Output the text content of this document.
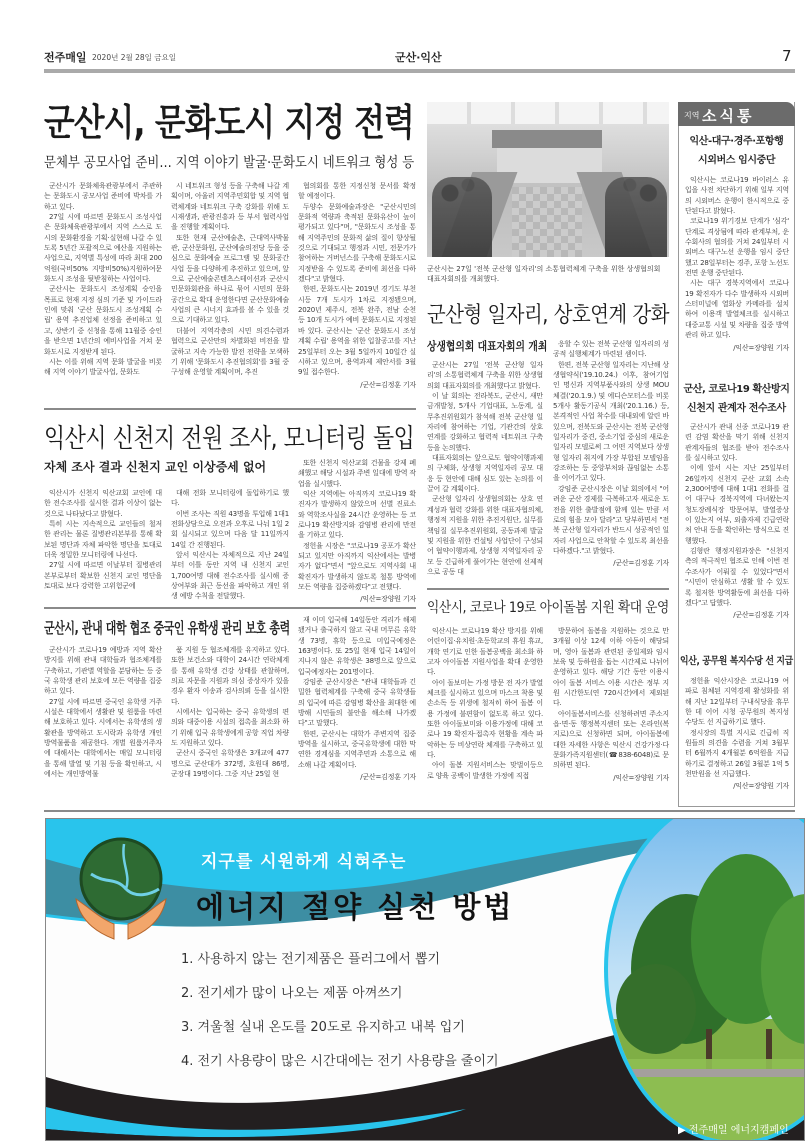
전주매일 2020년 2월 28일 금요일	군산·익산	7
군산시, 문화도시 지정 전력
문체부 공모사업 준비… 지역 이야기 발굴·문화도시 네트워크 형성 등

군산시가 문화체육관광부에서 주관하는 문화도시 공모사업 준비에 박차를 가하고 있다.

27일 시에 따르면 문화도시 조성사업은 문화체육관광부에서 지역 스스로 도시의 문화환경을 기획·실현해 나갈 수 있도록 5년간 포괄적으로 예산을 지원하는 사업으로, 지역별 특성에 따라 최대 200억원(국비50% 지방비50%)지원하여문화도시 조성을 뒷받침하는 사업이다.

군산시는 문화도시 조성계획 승인을 목표로 현재 지정 심의 기준 및 가이드라인에 맞춰 '군산 문화도시 조성계획 수립' 용역 추진업체 선정을 준비하고 있고, 상반기 중 신청을 통해 11월중 승인을 받으면 1년간의 예비사업을 거쳐 문화도시로 지정받게 된다.

시는 이를 위해 지역 문화 발굴을 비롯해 지역 이야기 발굴사업, 문화도

시 네트워크 형성 등을 구축해 나갈 계획이며, 아울러 지역주민회합 및 지역 협력체계와 네트워크 구축 강화를 위해 도시재생과, 관광진흥과 등 부서 협력사업을 진행할 계획이다.

또한 현재 군산예술촌, 근대역사박물관, 군산문화원, 군산예술의전당 등을 중심으로 문화예술 프로그램 및 문화공간 사업 등을 다양하게 추진하고 있으며, 앞으로 군산예술콘텐츠스테이션과 군산시민문화회관을 하나로 묶어 시민의 문화공간으로 확대 운영한다면 군산문화예술 사업의 큰 시너지 효과를 볼 수 있을 것으로 기대하고 있다.

더불어 지역각층의 시민 의견수렴과 협력으로 군산만의 차별화된 비전을 발굴하고 지속 가능한 발전 전략을 모색하기 위해 '문화도시 추진협의회'를 3월 중 구성해 운영할 계획이며, 추진

협의회를 통한 지정신청 문서를 확정할 예정이다.

두양수 문화예술과장은 "군산시민의 문화적 역량과 축적된 문화유산이 높이 평가되고 있다"며, "문화도시 조성을 통해 지역주민의 문화적 삶의 질이 향상될 것으로 기대되고 행정과 시민, 전문가가 참여하는 거버넌스를 구축해 문화도시로 지정받을 수 있도록 준비에 최선을 다하겠다"고 밝혔다.

한편, 문화도시는 2019년 경기도 부천시등 7개 도시가 1차로 지정됐으며, 2020년 제주시, 전북 완주, 전남 순천 등 10개 도시가 예비 문화도시로 지정된 바 있다. 군산시는 '군산 문화도시 조성계획 수립' 용역을 위한 입찰공고를 지난 25일부터 오는 3월 5일까지 10일간 실시하고 있으며, 용역과제 제안서를 3월 9일 접수한다.

/군산=김정훈 기자
익산시 신천지 전원 조사, 모니터링 돌입
자체 조사 결과 신천지 교인 이상증세 없어

익산시가 신천지 익산교회 교인에 대한 전수조사를 실시한 결과 이상이 없는 것으로 나타났다고 밝혔다.

특히 시는 지속적으로 교인들의 철저한 관리는 물론 질병관리본부를 통해 확보된 명단과 자체 파악한 명단을 토대로 더욱 정밀한 모니터링에 나선다.

27일 시에 따르면 이날부터 질병관리본부로부터 확보한 신천지 교인 명단을 토대로 보다 강력한 고위험군에

대해 전화 모니터링에 돌입하기로 했다.

이번 조사는 직원 43명을 투입해 1대1 전화상담으로 오전과 오후로 나눠 1일 2회 실시되고 있으며 다음 달 11일까지 14일 간 진행된다.

앞서 익산시는 자체적으로 지난 24일부터 이틀 동안 지역 내 신천지 교인 1,700여명 대해 전수조사를 실시해 증상여부와 최근 동선을 파악하고 개인 위생 예방 수칙을 전달했다.

또한 신천지 익산교회 건물을 강제 폐쇄했고 해당 시설과 주변 일대에 방역 작업을 실시했다.

익산 지역에는 아직까지 코로나19 확진자가 발생하지 않았으며 선별 진료소와 역학조사실을 24시간 운영하는 등 코로나19 확산방지와 감염병 관리에 만전을 기하고 있다.

정헌율 시장은 "코로나19 공포가 확산되고 있지만 아직까지 익산에서는 발병자가 없다"면서 "앞으로도 지역사회 내 확진자가 발생하지 않도록 철통 방역에 모든 역량을 집중하겠다"고 전했다.

/익산=장양원 기자
군산시, 관내 대학 협조 중국인 유학생 관리 보호 총력

군산시가 코로나19 예방과 지역 확산 방지를 위해 관내 대학들과 협조체계를 구축하고, 기관별 역할을 분담하는 등 중국 유학생 관리 보호에 모든 역량을 집중하고 있다.

27일 시에 따르면 중국인 유학생 거주 시설은 대학에서 생활관 및 원룸을 마련해 보호하고 있다. 시에서는 유학생의 생활관을 방역하고 도시락과 유학생 개인 방역물품을 제공한다. 개별 원룸거주자에 대해서는 대학에서는 매일 모니터링을 통해 발열 및 기침 등을 확인하고, 시에서는 개인방역물

품 지원 등 협조체계를 유지하고 있다. 또한 보건소와 대학이 24시간 연락체계를 통해 유학생 건강 상태를 관찰하며, 의료 자문을 지원과 의심 증상자가 있을 경우 환자 이송과 검사의뢰 등을 실시한다.

시에서는 입국하는 중국 유학생의 편의와 대중이용 시설의 접촉을 최소화 하기 위해 입국 유학생에게 공항 직업 차량도 지원하고 있다.

군산시 중국인 유학생은 3개교에 477명으로 군산대가 372명, 호원대 86명, 군장대 19명이다. 그중 지난 25일 현

재 이미 입국해 14일동안 격리가 해제됐거나 출국하지 않고 국내 머무른 유학생 73명, 휴학 등으로 미입국예정은 163명이다. 또 25일 현재 입국 14일이 지나지 않은 유학생은 38명으로 앞으로 입국예정자는 201명이다.

강임준 군산시장은 "관내 대학들과 긴밀한 협력체계를 구축해 중국 유학생들의 입국에 따른 감염병 확산을 최대한 예방해 시민들의 불안을 해소해 나가겠다"고 말했다.

한편, 군산시는 대학가 주변지역 집중 방역을 실시하고, 중국유학생에 대한 막연한 경계심을 지역주민과 소통으로 해소해 나갈 계획이다.

/군산=김정훈 기자
군산시는 27일 '전북 군산형 일자리'의 소통협력체계 구축을 위한 상생협의회 대표자회의를 개최했다.
군산형 일자리, 상호연계 강화
상생협의회 대표자회의 개최

군산시는 27일 '전북 군산형 일자리'의 소통협력체계 구축을 위한 상생협의회 대표자회의를 개최했다고 밝혔다.

이 날 회의는 전라북도, 군산시, 새만금개발청, 5개사 기업대표, 노동계, 실무추진위원회가 참석해 전북 군산형 일자리에 참여하는 기업, 기관간의 상호 연계를 강화하고 협력적 네트워크 구축 등을 논의했다.

대표자회의는 앞으로도 협약이행과제의 구체화, 상생형 지역일자리 공모 대응 등 현안에 대해 심도 있는 논의를 이끌어 갈 계획이다.

군산형 일자리 상생협의회는 상호 연계성과 협력 강화를 위한 대표자협의체, 행정적 지원을 위한 추진지원단, 실무를 책임질 실무추진위원회, 공동과제 발굴 및 지원을 위한 컨설팅 사업단이 구성되어 협약이행과제, 상생형 지역일자리 공모 등 긴급하게 풀어가는 현안에 선제적으로 공동 대

응할 수 있는 전북 군산형 일자리의 성공적 실행체계가 마련된 셈이다.

한편, 전북 군산형 일자리는 지난해 상생협약식('19.10.24.) 이후, 참여기업인 명신과 지역부품사와의 상생 MOU 체결('20.1.9.) 및 에디슨모터스를 비롯 5개사 활동기공식 개최('20.1.16.) 등, 본격적인 사업 착수를 대내외에 알린 바 있으며, 전북도와 군산시는 전북 군산형 일자리가 중견, 중소기업 중심의 새로운 일자리 모델로써 그 어떤 지역보다 상생형 일자리 취지에 가장 부합된 모델임을 강조하는 등 중앙부처와 끊임없는 소통을 이어가고 있다.

강임준 군산시장은 이날 회의에서 "어려운 군산 경제를 극복하고자 새로운 도전을 위한 출발점에 함께 있는 만큼 서로의 힘을 모아 달라"고 당부하면서 "전북 군산형 일자리가 반드시 성공적인 일자리 사업으로 안착할 수 있도록 최선을 다하겠다."고 밝혔다.

/군산=김정훈 기자
익산시, 코로나 19로 아이돌봄 지원 확대 운영

익산시는 코로나19 확산 방지를 위해 어린이집·유치원·초등학교의 휴원 휴교, 개학 연기로 인한 돌봄공백을 최소화 하고자 아이돌봄 지원사업을 확대 운영한다.

아이 돌보미는 가정 방문 전 자가 발열 체크를 실시하고 있으며 마스크 착용 및 손소독 등 위생에 철저히 하여 돌봄 이용 가정에 불편함이 없도록 하고 있다. 또한 아이돌보미와 이용가정에 대해 코로나 19 확진자·접촉자 현황을 계속 파악하는 등 비상연락 체계를 구축하고 있다.

아이 돌봄 지원서비스는 맞벌이등으로 양육 공백이 발생한 가정에 직접

방문하여 돌봄을 지원하는 것으로 만 3개월 이상 12세 이하 아동이 해당되며, 영아 돌봄과 관련된 종일제와 임시보육 및 등하원을 돕는 시간제로 나뉘어 운영하고 있다. 해당 기간 동안 이용시 아이 돌봄 서비스 이용 시간은 정부 지원 시간한도(연 720시간)에서 제외된다.

아이돌봄서비스를 신청하려면 주소지 읍·면·동 행정복지센터 또는 온라인(복지로)으로 신청하면 되며, 아이돌봄에 대한 자세한 사항은 익산시 건강가정·다문화가족지원센터(☎838-6048)로 문의하면 된다.

/익산=장양원 기자
지역 소식통
익산-대구·경주·포항행
시외버스 임시중단

익산시는 코로나19 바이러스 유입을 사전 차단하기 위해 일부 지역의 시외버스 운행이 한시적으로 중단된다고 밝혔다.

코로나19 위기경보 단계가 '심각' 단계로 격상됨에 따라 관계부처, 운수회사의 협의를 거쳐 24일부터 시외버스 대구노선 운행을 임시 중단했고 28일부터는 경주, 포항 노선도 전면 운행 중단된다.

시는 대구 경북지역에서 코로나19 확진자가 다수 발생하자 시외버스터미널에 열화상 카메라를 설치하여 이용객 발열체크를 실시하고 대중교통 시설 및 차량을 집중 방역 관리 하고 있다.

/익산=장양원 기자
군산, 코로나19 확산방지
신천지 관계자 전수조사

군산시가 관내 신종 코로나19 관련 감염 확산을 막기 위해 신천지 관계자들의 협조를 받아 전수조사를 실시하고 있다.

이에 앞서 시는 지난 25일부터 26일까지 신천지 군산 교회 소속 2,300여명에 대해 1대1 전화를 걸어 대구나 경북지역에 다녀왔는지 청도장례식장 방문여부, 발열증상이 있는지 여부, 외출자제 긴급연락처 안내 등을 확인하는 방식으로 진행했다.

김형란 행정지원과장은 "신천지 측의 적극적인 협조로 인해 이번 전수조사가 이뤄질 수 있었다"면서 "시민이 안심하고 생활 할 수 있도록 철저한 방역활동에 최선을 다하겠다"고 답했다.

/군산=김정훈 기자
익산, 공무원 복지수당 선 지급

정헌율 익산시장은 코로나19 여파로 침체된 지역경제 활성화를 위해 지난 12일부터 구내식당을 휴무한 데 이어 시청 공무원의 복지성 수당도 선 지급하기로 했다.

정시장의 특별 지시로 긴급히 직원들의 의견을 수렴을 거쳐 3월부터 6월까지 4개월분 6억원을 지급하기로 결정하고 26일 3월분 1억 5천만원을 선 지급했다.

/익산=장양원 기자
지구를 시원하게 식혀주는
에너지 절약 실천 방법
1. 사용하지 않는 전기제품은 플러그에서 뽑기
2. 전기세가 많이 나오는 제품 아껴쓰기
3. 겨울철 실내 온도를 20도로 유지하고 내복 입기
4. 전기 사용량이 많은 시간대에는 전기 사용량을 줄이기
▶ 전주매일 에너지캠페인
